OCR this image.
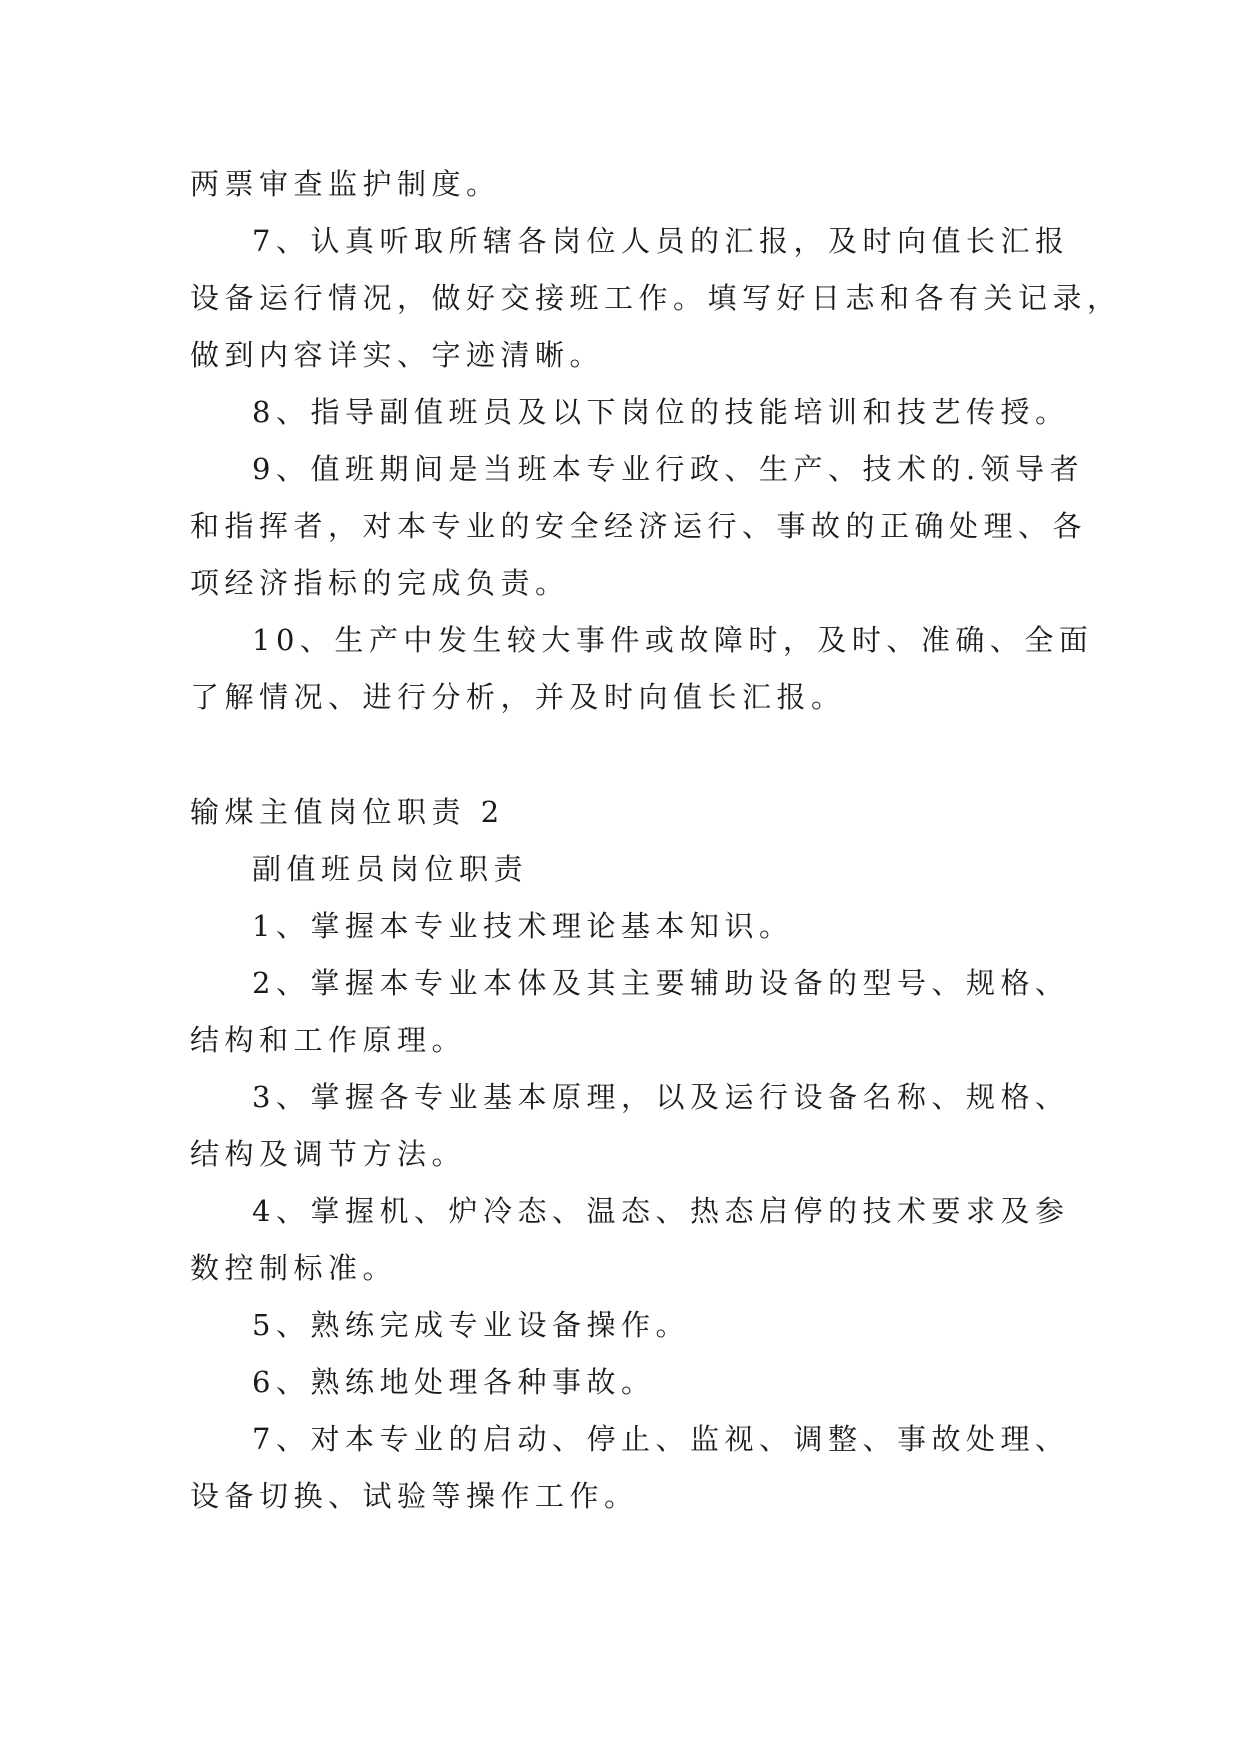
两票审查监护制度。
7、认真听取所辖各岗位人员的汇报，及时向值长汇报
设备运行情况，做好交接班工作。填写好日志和各有关记录，
做到内容详实、字迹清晰。
8、指导副值班员及以下岗位的技能培训和技艺传授。
9、值班期间是当班本专业行政、生产、技术的.领导者
和指挥者，对本专业的安全经济运行、事故的正确处理、各
项经济指标的完成负责。
10、生产中发生较大事件或故障时，及时、准确、全面
了解情况、进行分析，并及时向值长汇报。
输煤主值岗位职责 2
副值班员岗位职责
1、掌握本专业技术理论基本知识。
2、掌握本专业本体及其主要辅助设备的型号、规格、
结构和工作原理。
3、掌握各专业基本原理，以及运行设备名称、规格、
结构及调节方法。
4、掌握机、炉冷态、温态、热态启停的技术要求及参
数控制标准。
5、熟练完成专业设备操作。
6、熟练地处理各种事故。
7、对本专业的启动、停止、监视、调整、事故处理、
设备切换、试验等操作工作。
